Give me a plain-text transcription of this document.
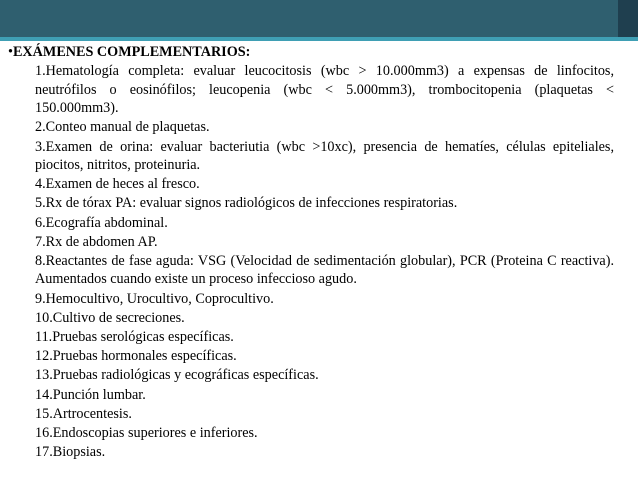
•EXÁMENES COMPLEMENTARIOS:
1.Hematología completa: evaluar leucocitosis (wbc > 10.000mm3) a expensas de linfocitos, neutrófilos o eosinófilos; leucopenia (wbc < 5.000mm3), trombocitopenia (plaquetas < 150.000mm3).
2.Conteo manual de plaquetas.
3.Examen de orina: evaluar bacteriutia (wbc >10xc), presencia de hematíes, células epiteliales, piocitos, nitritos, proteinuria.
4.Examen de heces al fresco.
5.Rx de tórax PA: evaluar signos radiológicos de infecciones respiratorias.
6.Ecografía abdominal.
7.Rx de abdomen AP.
8.Reactantes de fase aguda: VSG (Velocidad de sedimentación globular), PCR (Proteina C reactiva). Aumentados cuando existe un proceso infeccioso agudo.
9.Hemocultivo, Urocultivo, Coprocultivo.
10.Cultivo de secreciones.
11.Pruebas serológicas específicas.
12.Pruebas hormonales específicas.
13.Pruebas radiológicas y ecográficas específicas.
14.Punción lumbar.
15.Artrocentesis.
16.Endoscopias superiores e inferiores.
17.Biopsias.
